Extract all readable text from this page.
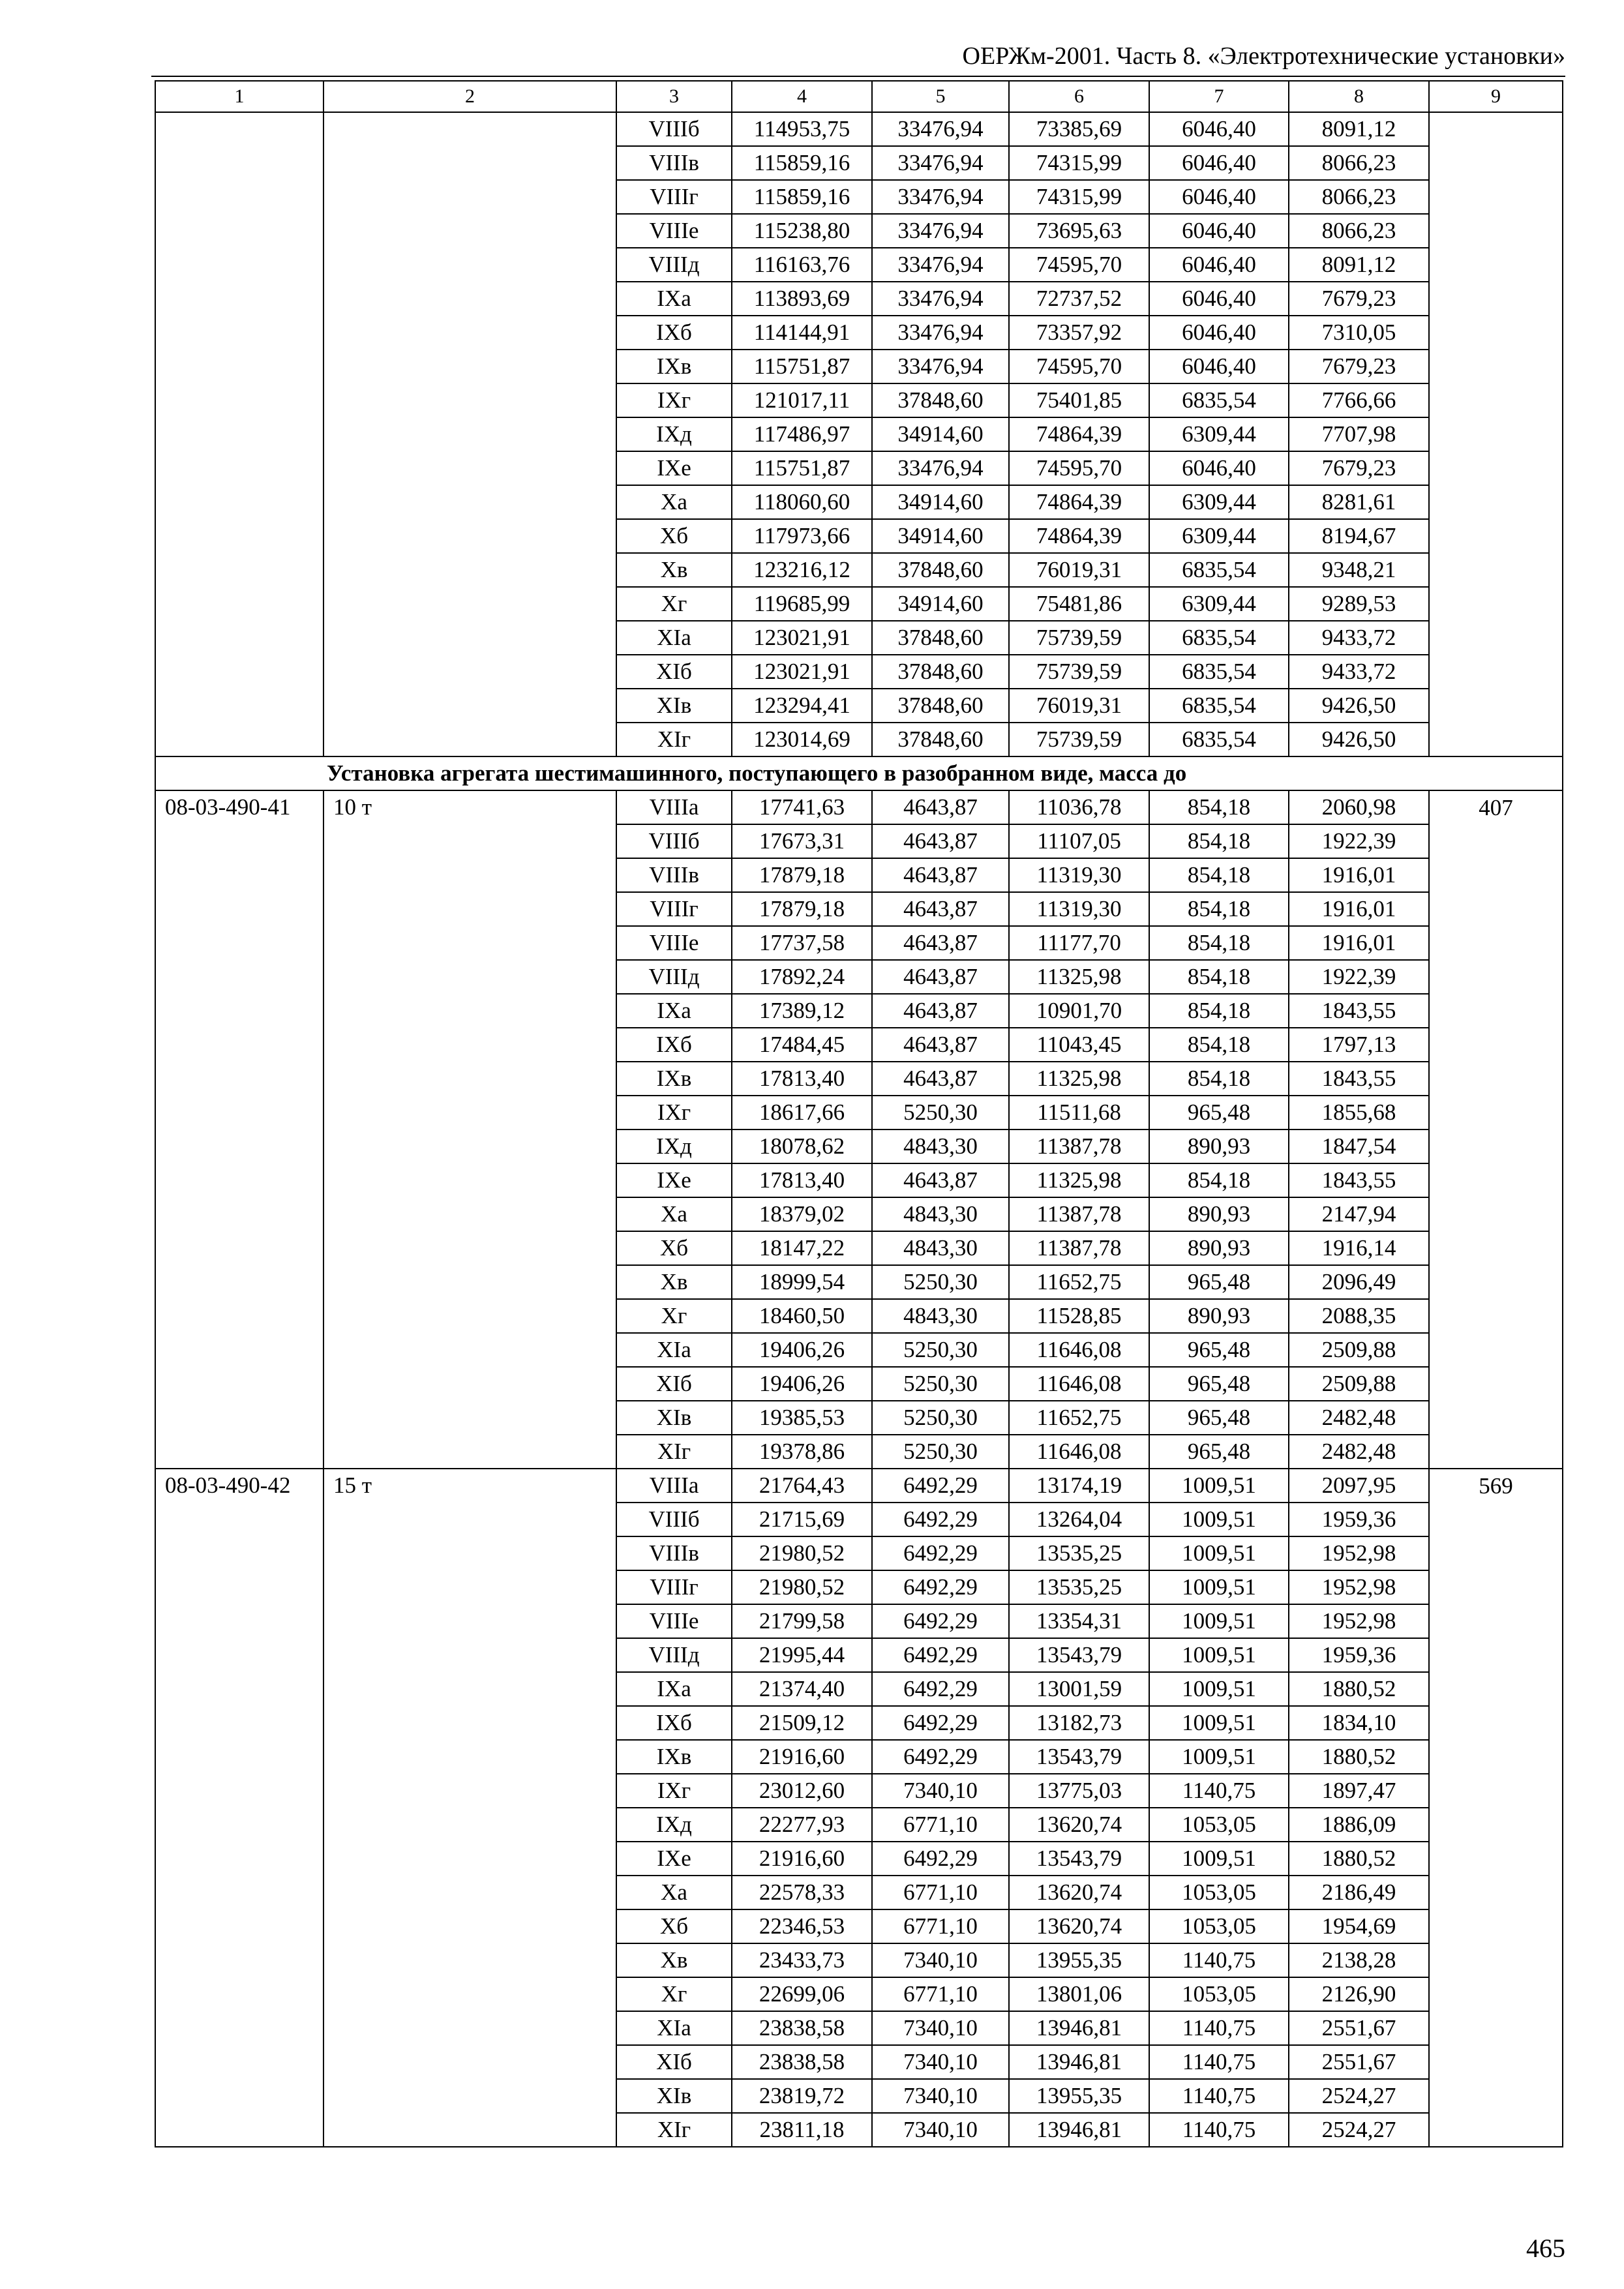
ОЕРЖм-2001. Часть 8. «Электротехнические установки»
1	2	3	4	5	6	7	8	9
		VIIIб	114953,75	33476,94	73385,69	6046,40	8091,12	
		VIIIв	115859,16	33476,94	74315,99	6046,40	8066,23	
		VIIIг	115859,16	33476,94	74315,99	6046,40	8066,23	
		VIIIе	115238,80	33476,94	73695,63	6046,40	8066,23	
		VIIIд	116163,76	33476,94	74595,70	6046,40	8091,12	
		IXа	113893,69	33476,94	72737,52	6046,40	7679,23	
		IXб	114144,91	33476,94	73357,92	6046,40	7310,05	
		IXв	115751,87	33476,94	74595,70	6046,40	7679,23	
		IXг	121017,11	37848,60	75401,85	6835,54	7766,66	
		IXд	117486,97	34914,60	74864,39	6309,44	7707,98	
		IXе	115751,87	33476,94	74595,70	6046,40	7679,23	
		Xа	118060,60	34914,60	74864,39	6309,44	8281,61	
		Xб	117973,66	34914,60	74864,39	6309,44	8194,67	
		Xв	123216,12	37848,60	76019,31	6835,54	9348,21	
		Xг	119685,99	34914,60	75481,86	6309,44	9289,53	
		XIа	123021,91	37848,60	75739,59	6835,54	9433,72	
		XIб	123021,91	37848,60	75739,59	6835,54	9433,72	
		XIв	123294,41	37848,60	76019,31	6835,54	9426,50	
		XIг	123014,69	37848,60	75739,59	6835,54	9426,50	
Установка агрегата шестимашинного, поступающего в разобранном виде, масса до								
08-03-490-41	10 т	VIIIа	17741,63	4643,87	11036,78	854,18	2060,98	407
		VIIIб	17673,31	4643,87	11107,05	854,18	1922,39	
		VIIIв	17879,18	4643,87	11319,30	854,18	1916,01	
		VIIIг	17879,18	4643,87	11319,30	854,18	1916,01	
		VIIIе	17737,58	4643,87	11177,70	854,18	1916,01	
		VIIIд	17892,24	4643,87	11325,98	854,18	1922,39	
		IXа	17389,12	4643,87	10901,70	854,18	1843,55	
		IXб	17484,45	4643,87	11043,45	854,18	1797,13	
		IXв	17813,40	4643,87	11325,98	854,18	1843,55	
		IXг	18617,66	5250,30	11511,68	965,48	1855,68	
		IXд	18078,62	4843,30	11387,78	890,93	1847,54	
		IXе	17813,40	4643,87	11325,98	854,18	1843,55	
		Xа	18379,02	4843,30	11387,78	890,93	2147,94	
		Xб	18147,22	4843,30	11387,78	890,93	1916,14	
		Xв	18999,54	5250,30	11652,75	965,48	2096,49	
		Xг	18460,50	4843,30	11528,85	890,93	2088,35	
		XIа	19406,26	5250,30	11646,08	965,48	2509,88	
		XIб	19406,26	5250,30	11646,08	965,48	2509,88	
		XIв	19385,53	5250,30	11652,75	965,48	2482,48	
		XIг	19378,86	5250,30	11646,08	965,48	2482,48	
08-03-490-42	15 т	VIIIа	21764,43	6492,29	13174,19	1009,51	2097,95	569
		VIIIб	21715,69	6492,29	13264,04	1009,51	1959,36	
		VIIIв	21980,52	6492,29	13535,25	1009,51	1952,98	
		VIIIг	21980,52	6492,29	13535,25	1009,51	1952,98	
		VIIIе	21799,58	6492,29	13354,31	1009,51	1952,98	
		VIIIд	21995,44	6492,29	13543,79	1009,51	1959,36	
		IXа	21374,40	6492,29	13001,59	1009,51	1880,52	
		IXб	21509,12	6492,29	13182,73	1009,51	1834,10	
		IXв	21916,60	6492,29	13543,79	1009,51	1880,52	
		IXг	23012,60	7340,10	13775,03	1140,75	1897,47	
		IXд	22277,93	6771,10	13620,74	1053,05	1886,09	
		IXе	21916,60	6492,29	13543,79	1009,51	1880,52	
		Xа	22578,33	6771,10	13620,74	1053,05	2186,49	
		Xб	22346,53	6771,10	13620,74	1053,05	1954,69	
		Xв	23433,73	7340,10	13955,35	1140,75	2138,28	
		Xг	22699,06	6771,10	13801,06	1053,05	2126,90	
		XIа	23838,58	7340,10	13946,81	1140,75	2551,67	
		XIб	23838,58	7340,10	13946,81	1140,75	2551,67	
		XIв	23819,72	7340,10	13955,35	1140,75	2524,27	
		XIг	23811,18	7340,10	13946,81	1140,75	2524,27	
465
